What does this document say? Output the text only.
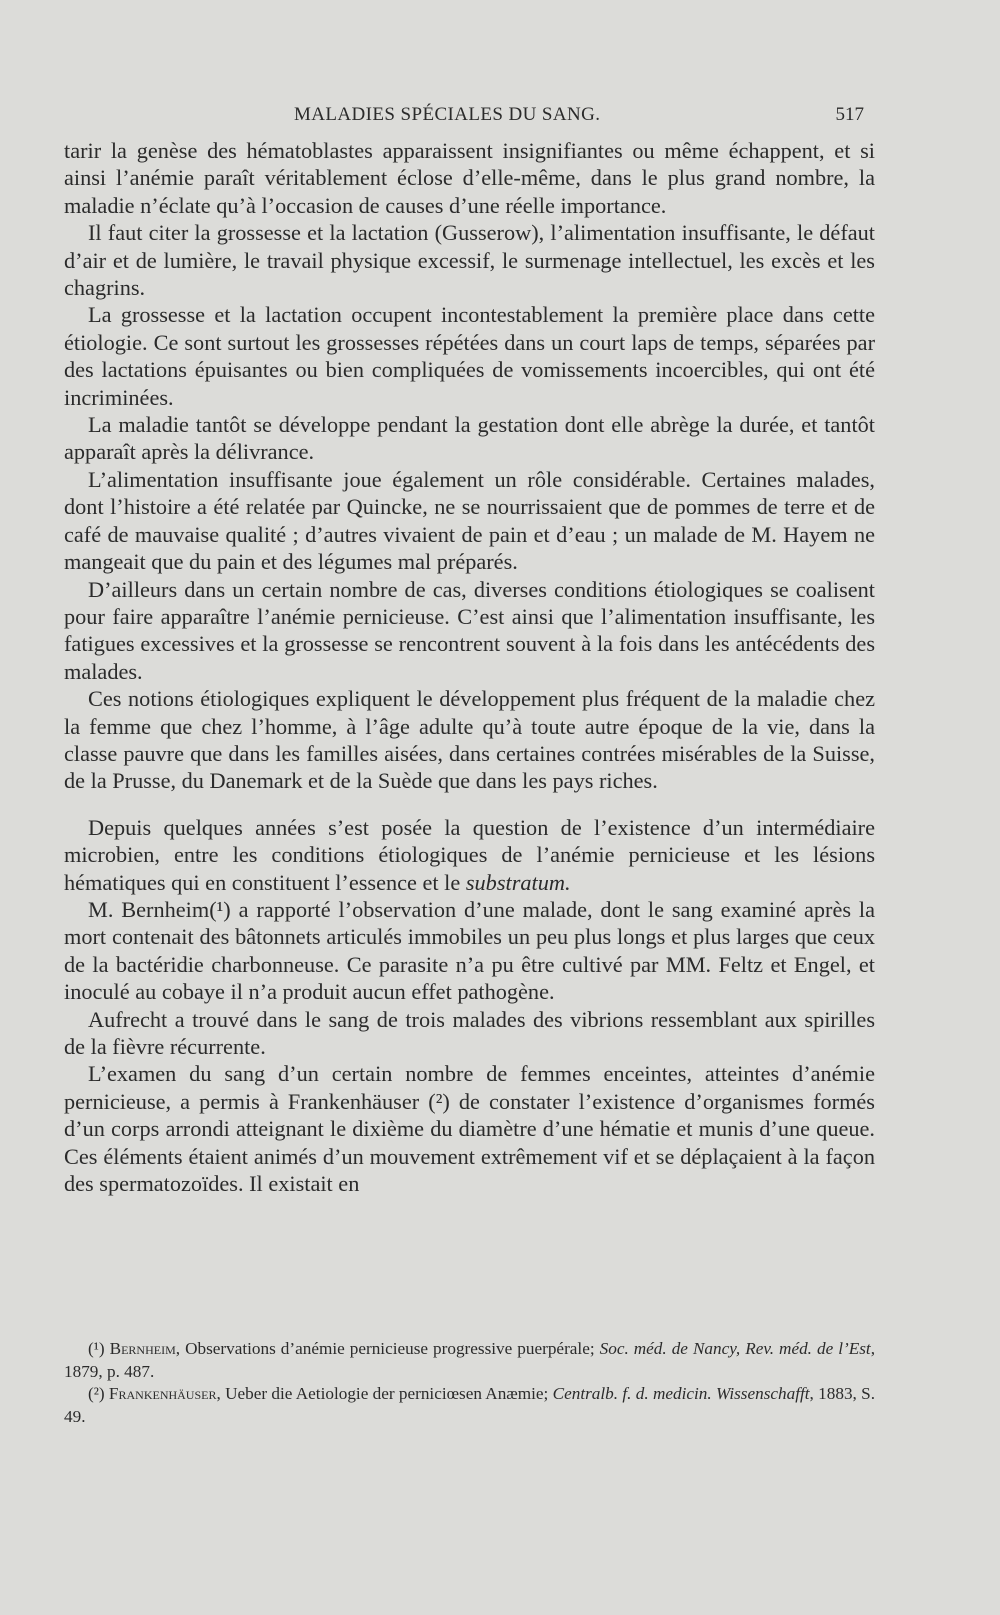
MALADIES SPÉCIALES DU SANG.	517

tarir la genèse des hématoblastes apparaissent insignifiantes ou même échappent, et si ainsi l’anémie paraît véritablement éclose d’elle-même, dans le plus grand nombre, la maladie n’éclate qu’à l’occasion de causes d’une réelle importance.

Il faut citer la grossesse et la lactation (Gusserow), l’alimentation insuffisante, le défaut d’air et de lumière, le travail physique excessif, le surmenage intellectuel, les excès et les chagrins.

La grossesse et la lactation occupent incontestablement la première place dans cette étiologie. Ce sont surtout les grossesses répétées dans un court laps de temps, séparées par des lactations épuisantes ou bien compliquées de vomissements incoercibles, qui ont été incriminées.

La maladie tantôt se développe pendant la gestation dont elle abrège la durée, et tantôt apparaît après la délivrance.

L’alimentation insuffisante joue également un rôle considérable. Certaines malades, dont l’histoire a été relatée par Quincke, ne se nourrissaient que de pommes de terre et de café de mauvaise qualité ; d’autres vivaient de pain et d’eau ; un malade de M. Hayem ne mangeait que du pain et des légumes mal préparés.

D’ailleurs dans un certain nombre de cas, diverses conditions étiologiques se coalisent pour faire apparaître l’anémie pernicieuse. C’est ainsi que l’alimentation insuffisante, les fatigues excessives et la grossesse se rencontrent souvent à la fois dans les antécédents des malades.

Ces notions étiologiques expliquent le développement plus fréquent de la maladie chez la femme que chez l’homme, à l’âge adulte qu’à toute autre époque de la vie, dans la classe pauvre que dans les familles aisées, dans certaines contrées misérables de la Suisse, de la Prusse, du Danemark et de la Suède que dans les pays riches.

Depuis quelques années s’est posée la question de l’existence d’un intermédiaire microbien, entre les conditions étiologiques de l’anémie pernicieuse et les lésions hématiques qui en constituent l’essence et le substratum.

M. Bernheim(¹) a rapporté l’observation d’une malade, dont le sang examiné après la mort contenait des bâtonnets articulés immobiles un peu plus longs et plus larges que ceux de la bactéridie charbonneuse. Ce parasite n’a pu être cultivé par MM. Feltz et Engel, et inoculé au cobaye il n’a produit aucun effet pathogène.

Aufrecht a trouvé dans le sang de trois malades des vibrions ressemblant aux spirilles de la fièvre récurrente.

L’examen du sang d’un certain nombre de femmes enceintes, atteintes d’anémie pernicieuse, a permis à Frankenhäuser (²) de constater l’existence d’organismes formés d’un corps arrondi atteignant le dixième du diamètre d’une hématie et munis d’une queue. Ces éléments étaient animés d’un mouvement extrêmement vif et se déplaçaient à la façon des spermatozoïdes. Il existait en

(¹) Bernheim, Observations d’anémie pernicieuse progressive puerpérale; Soc. méd. de Nancy, Rev. méd. de l’Est, 1879, p. 487.

(²) Frankenhäuser, Ueber die Aetiologie der perniciœsen Anæmie; Centralb. f. d. medicin. Wissenschafft, 1883, S. 49.
